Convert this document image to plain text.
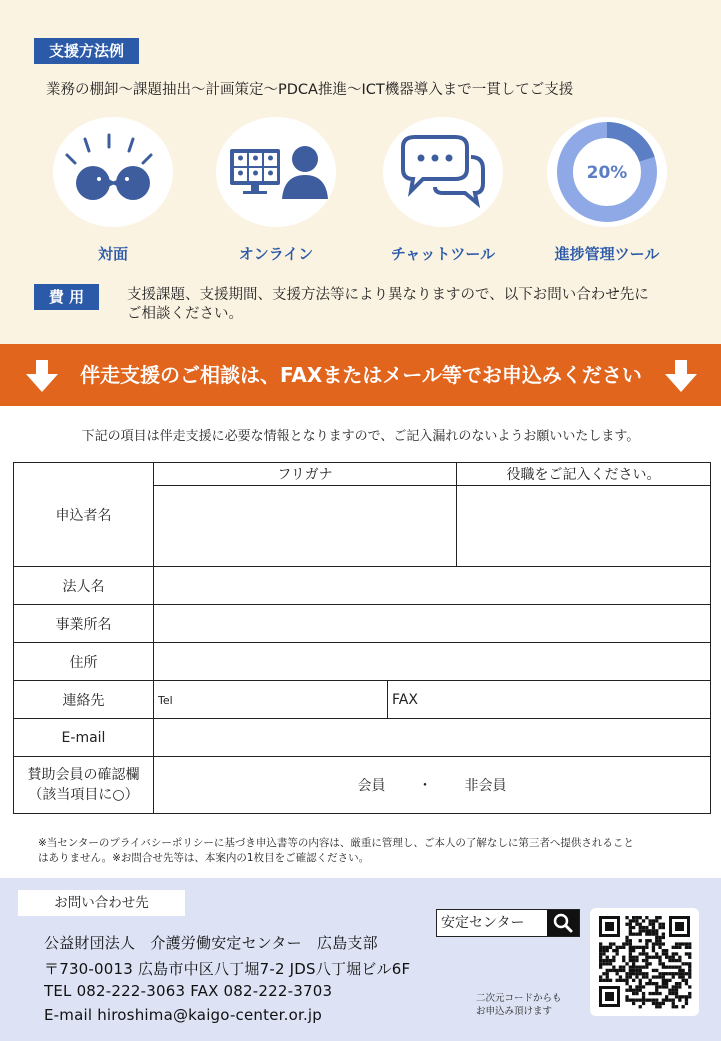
支援方法例
業務の棚卸～課題抽出～計画策定～PDCA推進～ICT機器導入まで一貫してご支援
対面	オンライン	チャットツール
20%
進捗管理ツール
費 用	支援課題、支援期間、支援方法等により異なりますので、以下お問い合わせ先に
ご相談ください。
伴走支援のご相談は、FAXまたはメール等でお申込みください
下記の項目は伴走支援に必要な情報となりますので、ご記入漏れのないようお願いいたします。
申込者名	フリガナ		役職をご記入ください。

法人名			
事業所名			
住所			
連絡先	Tel	FAX	
E-mail			

賛助会員の確認欄
（該当項目に○）	会員 ・ 非会員		
※当センターのプライバシーポリシーに基づき申込書等の内容は、厳重に管理し、ご本人の了解なしに第三者へ提供されること
はありません。※お問合せ先等は、本案内の1枚目をご確認ください。
お問い合わせ先
公益財団法人　介護労働安定センター　広島支部
〒730-0013 広島市中区八丁堀7-2 JDS八丁堀ビル6F
TEL 082-222-3063 FAX 082-222-3703
E-mail hiroshima@kaigo-center.or.jp
安定センター
二次元コードからも
お申込み頂けます
